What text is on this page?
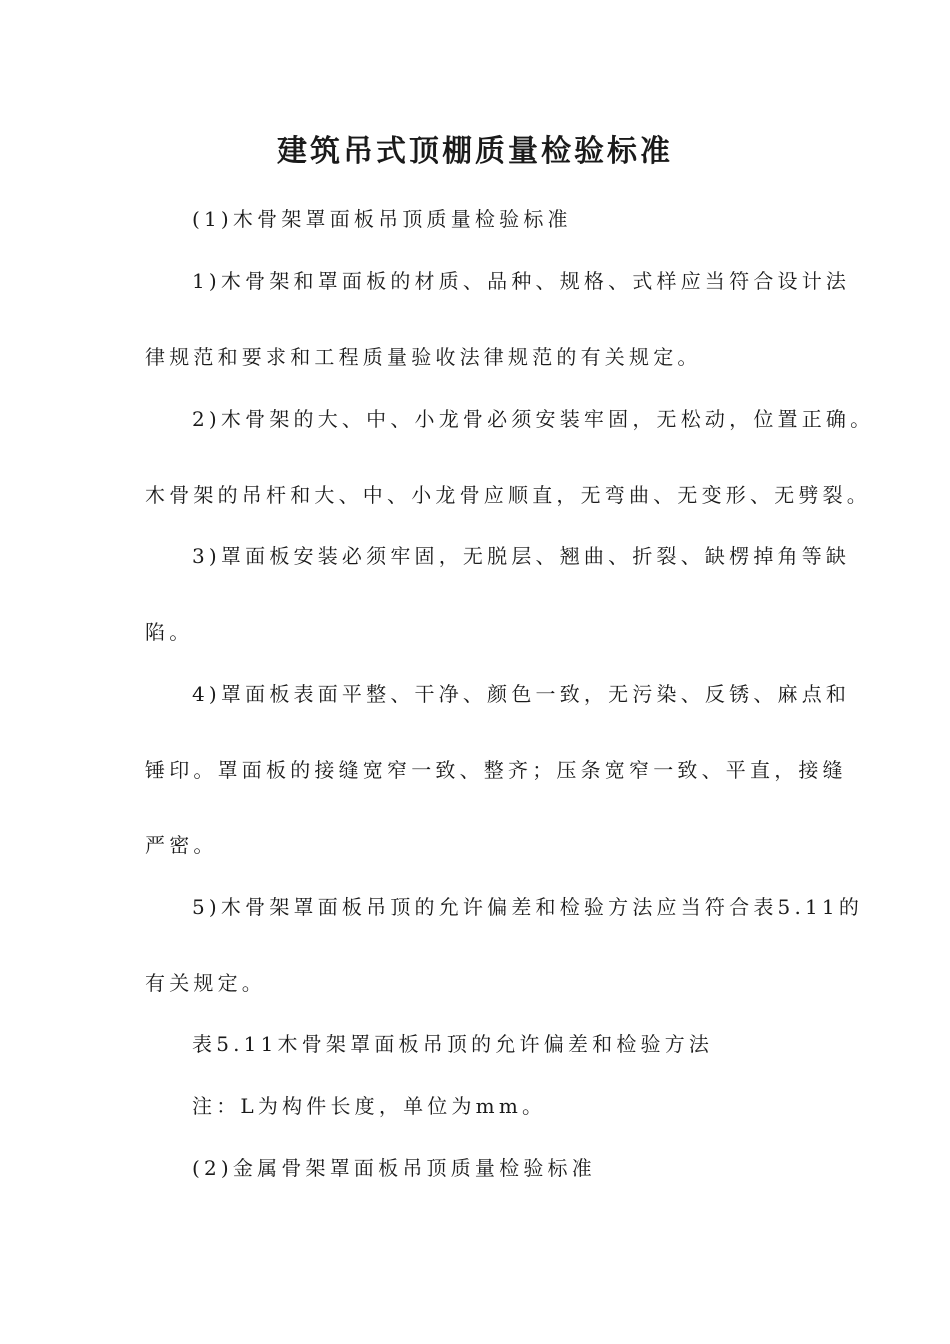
建筑吊式顶棚质量检验标准

(1)木骨架罩面板吊顶质量检验标准

1)木骨架和罩面板的材质、品种、规格、式样应当符合设计法

律规范和要求和工程质量验收法律规范的有关规定。

2)木骨架的大、中、小龙骨必须安装牢固，无松动，位置正确。

木骨架的吊杆和大、中、小龙骨应顺直，无弯曲、无变形、无劈裂。

3)罩面板安装必须牢固，无脱层、翘曲、折裂、缺楞掉角等缺

陷。

4)罩面板表面平整、干净、颜色一致，无污染、反锈、麻点和

锤印。罩面板的接缝宽窄一致、整齐；压条宽窄一致、平直，接缝

严密。

5)木骨架罩面板吊顶的允许偏差和检验方法应当符合表5.11的

有关规定。

表5.11木骨架罩面板吊顶的允许偏差和检验方法

注：L为构件长度，单位为mm。

(2)金属骨架罩面板吊顶质量检验标准
